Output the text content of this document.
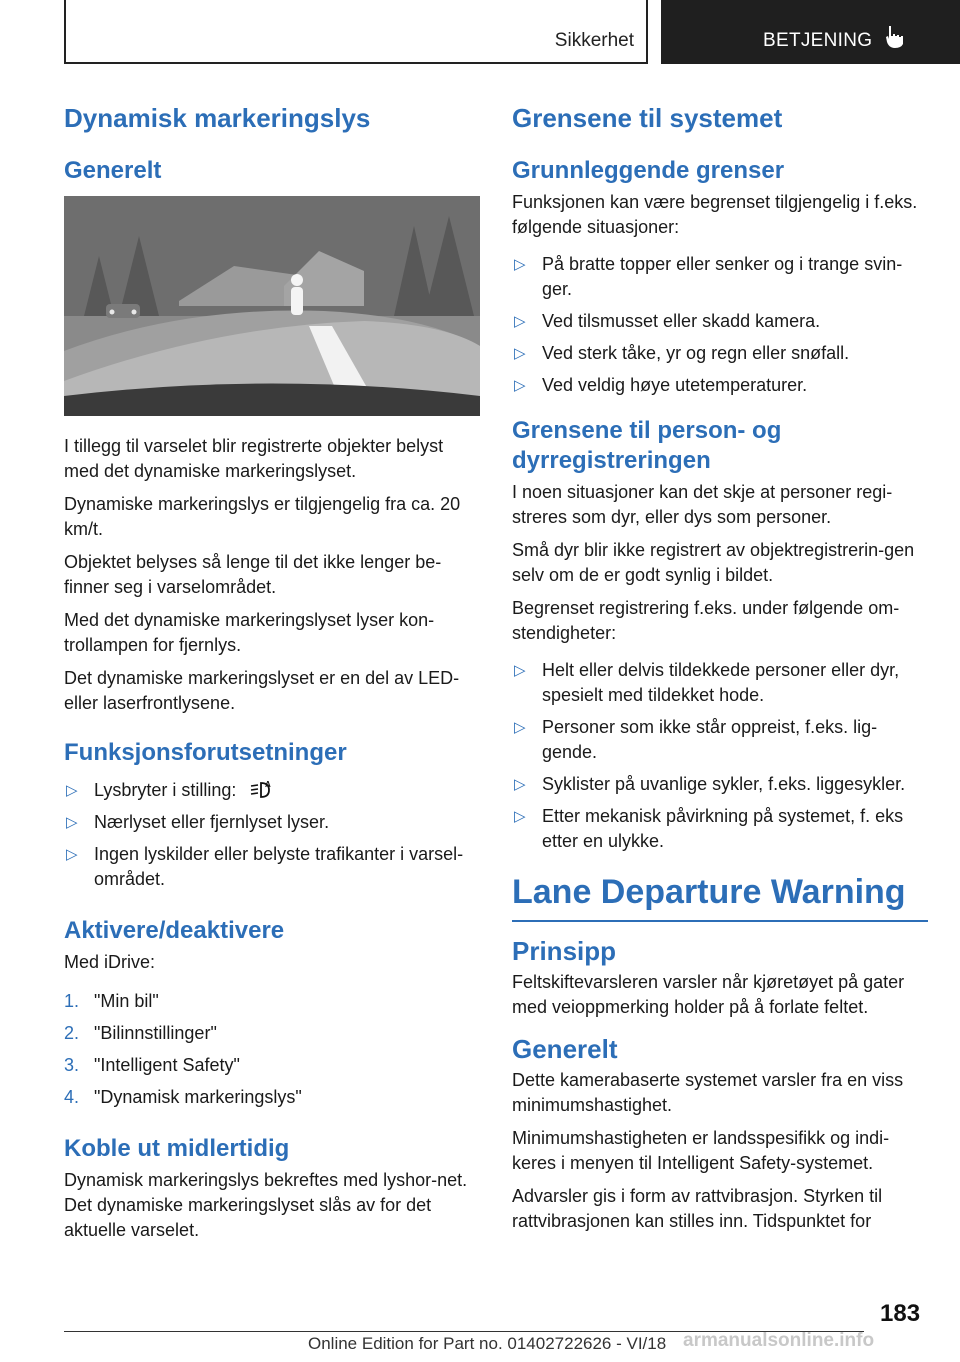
Sikkerhet	BETJENING
Dynamisk markeringslys
Generelt

I tillegg til varselet blir registrerte objekter belyst med det dynamiske markeringslyset.

Dynamiske markeringslys er tilgjengelig fra ca. 20 km/t.

Objektet belyses så lenge til det ikke lenger be-finner seg i varselområdet.

Med det dynamiske markeringslyset lyser kon-trollampen for fjernlys.

Det dynamiske markeringslyset er en del av LED- eller laserfrontlysene.

Funksjonsforutsetninger
▷ Lysbryter i stilling:	A
▷ Nærlyset eller fjernlyset lyser.
▷ Ingen lyskilder eller belyste trafikanter i varsel-området.
Aktivere/deaktivere

Med iDrive:

1. "Min bil"
2. "Bilinnstillinger"
3. "Intelligent Safety"
4. "Dynamisk markeringslys"
Koble ut midlertidig

Dynamisk markeringslys bekreftes med lyshor-net. Det dynamiske markeringslyset slås av for det aktuelle varselet.

Grensene til systemet
Grunnleggende grenser

Funksjonen kan være begrenset tilgjengelig i f.eks. følgende situasjoner:

▷ På bratte topper eller senker og i trange svin-ger.
▷ Ved tilsmusset eller skadd kamera.
▷ Ved sterk tåke, yr og regn eller snøfall.
▷ Ved veldig høye utetemperaturer.
Grensene til person- og dyrregistreringen

I noen situasjoner kan det skje at personer regi-streres som dyr, eller dys som personer.

Små dyr blir ikke registrert av objektregistrerin-gen selv om de er godt synlig i bildet.

Begrenset registrering f.eks. under følgende om-stendigheter:

▷ Helt eller delvis tildekkede personer eller dyr, spesielt med tildekket hode.
▷ Personer som ikke står oppreist, f.eks. lig-gende.
▷ Syklister på uvanlige sykler, f.eks. liggesykler.
▷ Etter mekanisk påvirkning på systemet, f. eks etter en ulykke.
Lane Departure Warning
Prinsipp

Feltskiftevarsleren varsler når kjøretøyet på gater med veioppmerking holder på å forlate feltet.

Generelt

Dette kamerabaserte systemet varsler fra en viss minimumshastighet.

Minimumshastigheten er landsspesifikk og indi-keres i menyen til Intelligent Safety-systemet.

Advarsler gis i form av rattvibrasjon. Styrken til rattvibrasjonen kan stilles inn. Tidspunktet for

183
Online Edition for Part no. 01402722626 - VI/18 armanualsonline.info
